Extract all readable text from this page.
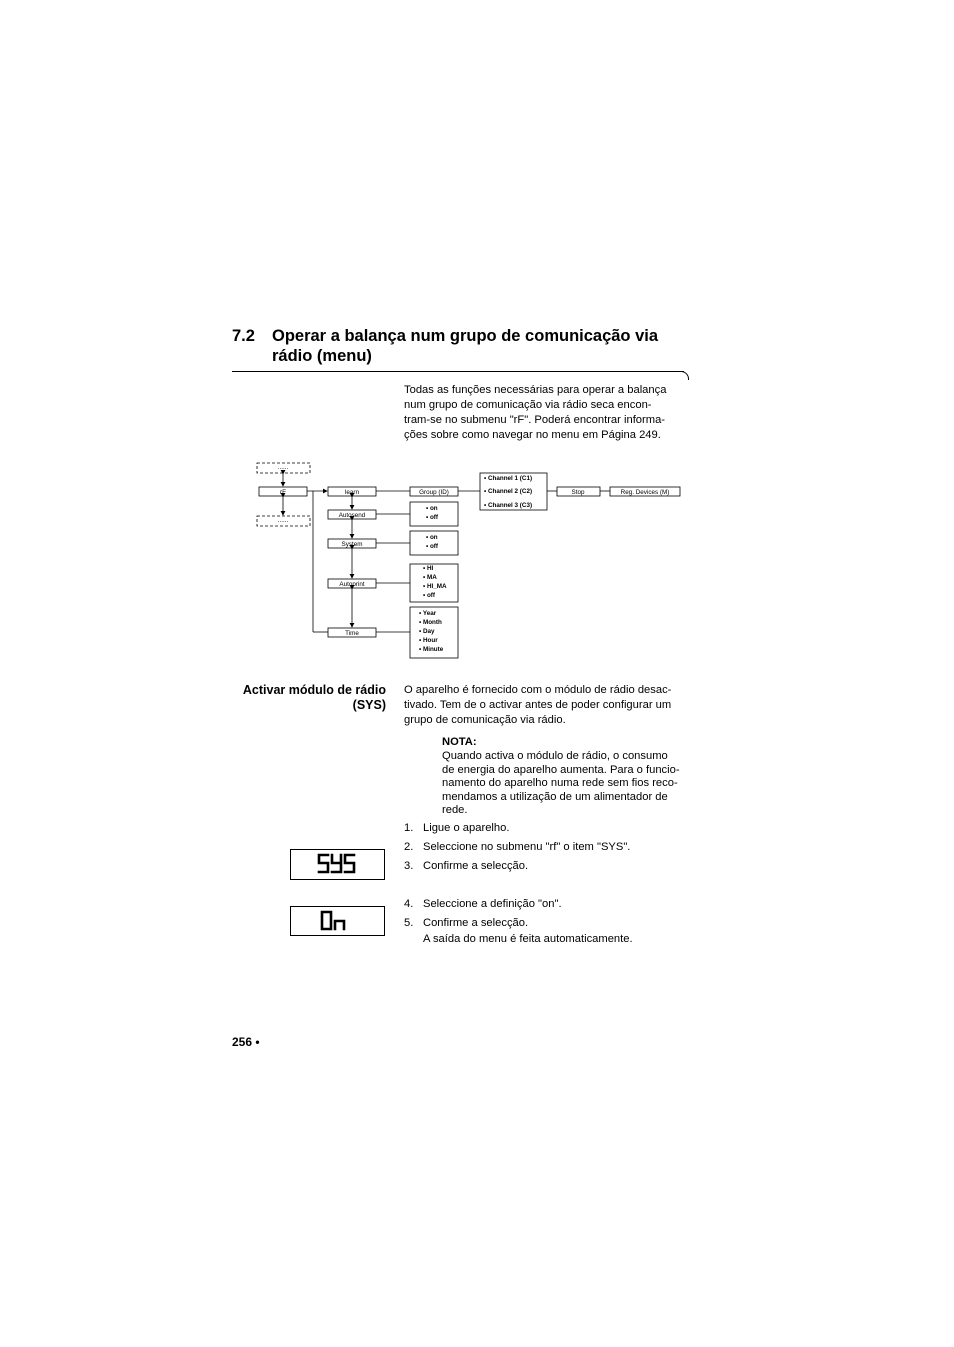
7.2 Operar a balança num grupo de comunicação via rádio (menu)
Todas as funções necessárias para operar a balança
num grupo de comunicação via rádio seca encon-
tram-se no submenu "rF". Poderá encontrar informa-
ções sobre como navegar no menu em Página 249.
......
......
rF	learn
Autosend
System
Autoprint
Time
Group (ID)	Stop	Reg. Devices (M)
• Channel 1 (C1)
• Channel 2 (C2)
• Channel 3 (C3)
• on
• off
• on
• off
• HI
• MA
• HI_MA
• off
• Year
• Month
• Day
• Hour
• Minute
Activar módulo de rádio
(SYS)
O aparelho é fornecido com o módulo de rádio desac-
tivado. Tem de o activar antes de poder configurar um
grupo de comunicação via rádio.
NOTA:
Quando activa o módulo de rádio, o consumo
de energia do aparelho aumenta. Para o funcio-
namento do aparelho numa rede sem fios reco-
mendamos a utilização de um alimentador de
rede.
1. Ligue o aparelho.
2. Seleccione no submenu "rf" o item "SYS".
3. Confirme a selecção.
4. Seleccione a definição "on".
5. Confirme a selecção.
A saída do menu é feita automaticamente.
256 •
